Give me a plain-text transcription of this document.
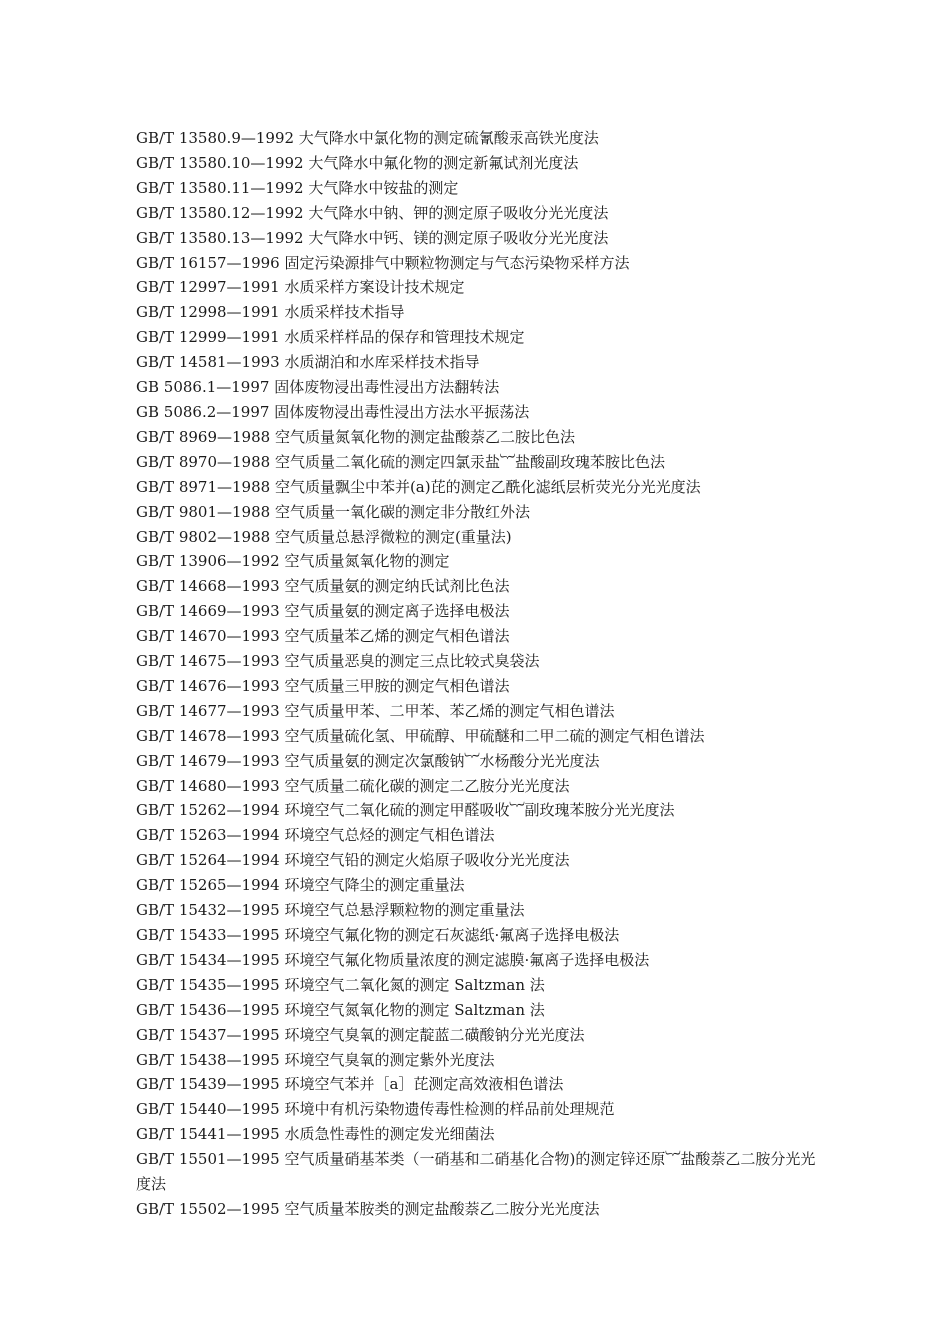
GB/T 13580.9—1992 大气降水中氯化物的测定硫氰酸汞高铁光度法
GB/T 13580.10—1992 大气降水中氟化物的测定新氟试剂光度法
GB/T 13580.11—1992 大气降水中铵盐的测定
GB/T 13580.12—1992 大气降水中钠、钾的测定原子吸收分光光度法
GB/T 13580.13—1992 大气降水中钙、镁的测定原子吸收分光光度法
GB/T 16157—1996 固定污染源排气中颗粒物测定与气态污染物采样方法
GB/T 12997—1991 水质采样方案设计技术规定
GB/T 12998—1991 水质采样技术指导
GB/T 12999—1991 水质采样样品的保存和管理技术规定
GB/T 14581—1993 水质湖泊和水库采样技术指导
GB 5086.1—1997 固体废物浸出毒性浸出方法翻转法
GB 5086.2—1997 固体废物浸出毒性浸出方法水平振荡法
GB/T 8969—1988 空气质量氮氧化物的测定盐酸萘乙二胺比色法
GB/T 8970—1988 空气质量二氧化硫的测定四氯汞盐︸盐酸副玫瑰苯胺比色法
GB/T 8971—1988 空气质量飘尘中苯并(a)芘的测定乙酰化滤纸层析荧光分光光度法
GB/T 9801—1988 空气质量一氧化碳的测定非分散红外法
GB/T 9802—1988 空气质量总悬浮微粒的测定(重量法)
GB/T 13906—1992 空气质量氮氧化物的测定
GB/T 14668—1993 空气质量氨的测定纳氏试剂比色法
GB/T 14669—1993 空气质量氨的测定离子选择电极法
GB/T 14670—1993 空气质量苯乙烯的测定气相色谱法
GB/T 14675—1993 空气质量恶臭的测定三点比较式臭袋法
GB/T 14676—1993 空气质量三甲胺的测定气相色谱法
GB/T 14677—1993 空气质量甲苯、二甲苯、苯乙烯的测定气相色谱法
GB/T 14678—1993 空气质量硫化氢、甲硫醇、甲硫醚和二甲二硫的测定气相色谱法
GB/T 14679—1993 空气质量氨的测定次氯酸钠︸水杨酸分光光度法
GB/T 14680—1993 空气质量二硫化碳的测定二乙胺分光光度法
GB/T 15262—1994 环境空气二氧化硫的测定甲醛吸收︸副玫瑰苯胺分光光度法
GB/T 15263—1994 环境空气总烃的测定气相色谱法
GB/T 15264—1994 环境空气铅的测定火焰原子吸收分光光度法
GB/T 15265—1994 环境空气降尘的测定重量法
GB/T 15432—1995 环境空气总悬浮颗粒物的测定重量法
GB/T 15433—1995 环境空气氟化物的测定石灰滤纸·氟离子选择电极法
GB/T 15434—1995 环境空气氟化物质量浓度的测定滤膜·氟离子选择电极法
GB/T 15435—1995 环境空气二氧化氮的测定 Saltzman 法
GB/T 15436—1995 环境空气氮氧化物的测定 Saltzman 法
GB/T 15437—1995 环境空气臭氧的测定靛蓝二磺酸钠分光光度法
GB/T 15438—1995 环境空气臭氧的测定紫外光度法
GB/T 15439—1995 环境空气苯并［a］芘测定高效液相色谱法
GB/T 15440—1995 环境中有机污染物遗传毒性检测的样品前处理规范
GB/T 15441—1995 水质急性毒性的测定发光细菌法
GB/T 15501—1995 空气质量硝基苯类（一硝基和二硝基化合物)的测定锌还原︸盐酸萘乙二胺分光光度法
GB/T 15502—1995 空气质量苯胺类的测定盐酸萘乙二胺分光光度法
